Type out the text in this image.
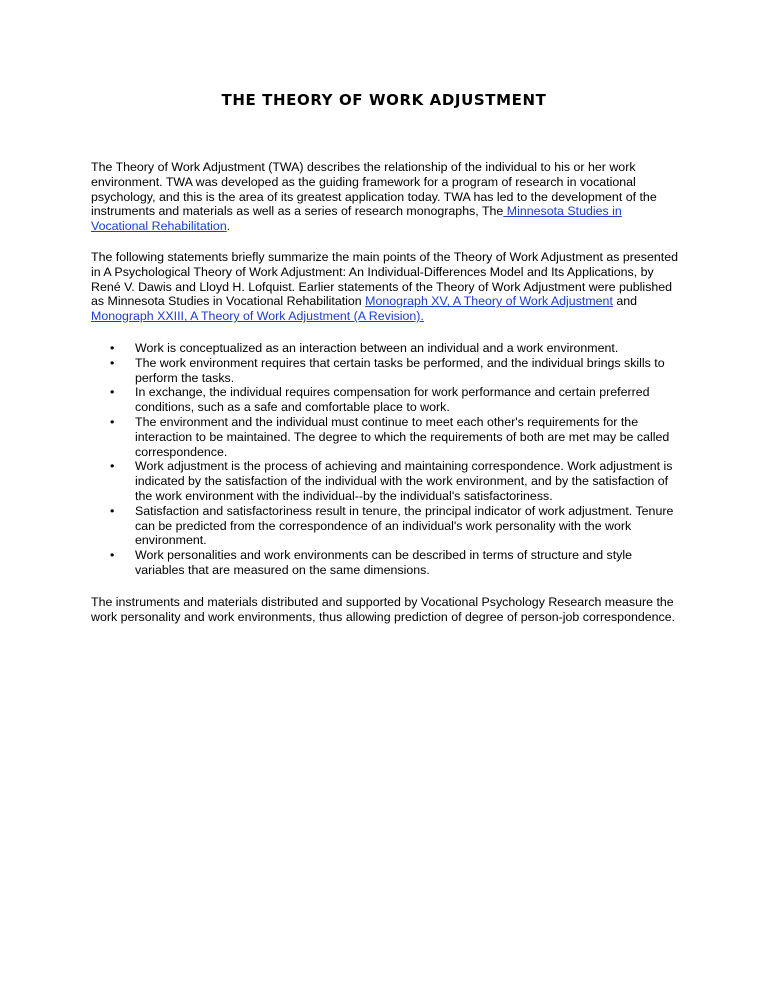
THE THEORY OF WORK ADJUSTMENT

The Theory of Work Adjustment (TWA) describes the relationship of the individual to his or her work environment. TWA was developed as the guiding framework for a program of research in vocational psychology, and this is the area of its greatest application today. TWA has led to the development of the instruments and materials as well as a series of research monographs, The Minnesota Studies in Vocational Rehabilitation.

The following statements briefly summarize the main points of the Theory of Work Adjustment as presented in A Psychological Theory of Work Adjustment: An Individual-Differences Model and Its Applications, by René V. Dawis and Lloyd H. Lofquist. Earlier statements of the Theory of Work Adjustment were published as Minnesota Studies in Vocational Rehabilitation Monograph XV, A Theory of Work Adjustment and Monograph XXIII, A Theory of Work Adjustment (A Revision).

• Work is conceptualized as an interaction between an individual and a work environment.
• The work environment requires that certain tasks be performed, and the individual brings skills to perform the tasks.
• In exchange, the individual requires compensation for work performance and certain preferred conditions, such as a safe and comfortable place to work.
• The environment and the individual must continue to meet each other's requirements for the interaction to be maintained. The degree to which the requirements of both are met may be called correspondence.
• Work adjustment is the process of achieving and maintaining correspondence. Work adjustment is indicated by the satisfaction of the individual with the work environment, and by the satisfaction of the work environment with the individual--by the individual's satisfactoriness.
• Satisfaction and satisfactoriness result in tenure, the principal indicator of work adjustment. Tenure can be predicted from the correspondence of an individual's work personality with the work environment.
• Work personalities and work environments can be described in terms of structure and style variables that are measured on the same dimensions.

The instruments and materials distributed and supported by Vocational Psychology Research measure the work personality and work environments, thus allowing prediction of degree of person-job correspondence.
